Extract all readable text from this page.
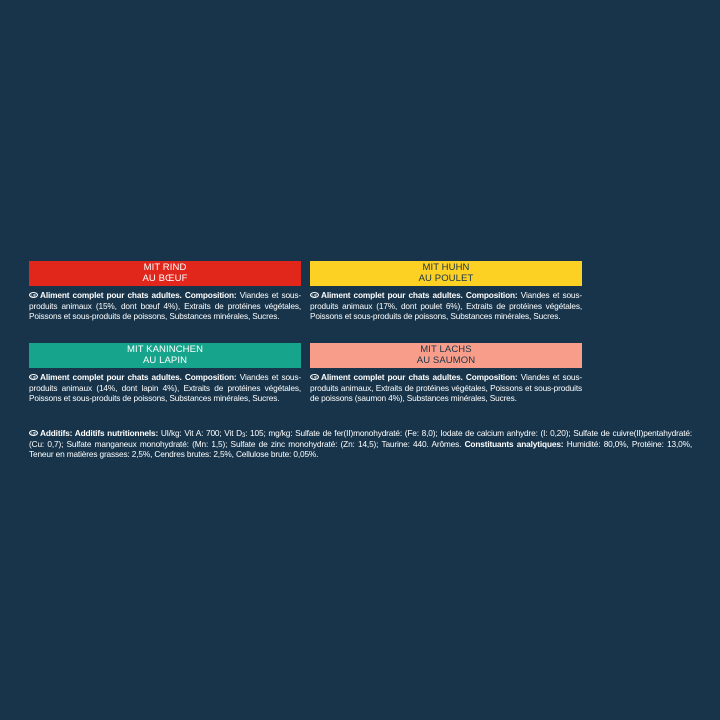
MIT RIND
AU BŒUF
UE Aliment complet pour chats adultes. Composition: Viandes et sous-produits animaux (15%, dont bœuf 4%), Extraits de protéines végétales, Poissons et sous-produits de poissons, Substances minérales, Sucres.
MIT HUHN
AU POULET
UE Aliment complet pour chats adultes. Composition: Viandes et sous-produits animaux (17%, dont poulet 6%), Extraits de protéines végétales, Poissons et sous-produits de poissons, Substances minérales, Sucres.
MIT KANINCHEN
AU LAPIN
UE Aliment complet pour chats adultes. Composition: Viandes et sous-produits animaux (14%, dont lapin 4%), Extraits de protéines végétales, Poissons et sous-produits de poissons, Substances minérales, Sucres.
MIT LACHS
AU SAUMON
UE Aliment complet pour chats adultes. Composition: Viandes et sous-produits animaux, Extraits de protéines végétales, Poissons et sous-produits de poissons (saumon 4%), Substances minérales, Sucres.
UE Additifs: Additifs nutritionnels: UI/kg: Vit A: 700; Vit $D_3$: 105; mg/kg: Sulfate de fer(II)monohydraté: (Fe: 8,0); Iodate de calcium anhydre: (I: 0,20); Sulfate de cuivre(II)pentahydraté: (Cu: 0,7); Sulfate manganeux monohydraté: (Mn: 1,5); Sulfate de zinc monohydraté: (Zn: 14,5); Taurine: 440. Arômes. Constituants analytiques: Humidité: 80,0%, Protéine: 13,0%, Teneur en matières grasses: 2,5%, Cendres brutes: 2,5%, Cellulose brute: 0,05%.
